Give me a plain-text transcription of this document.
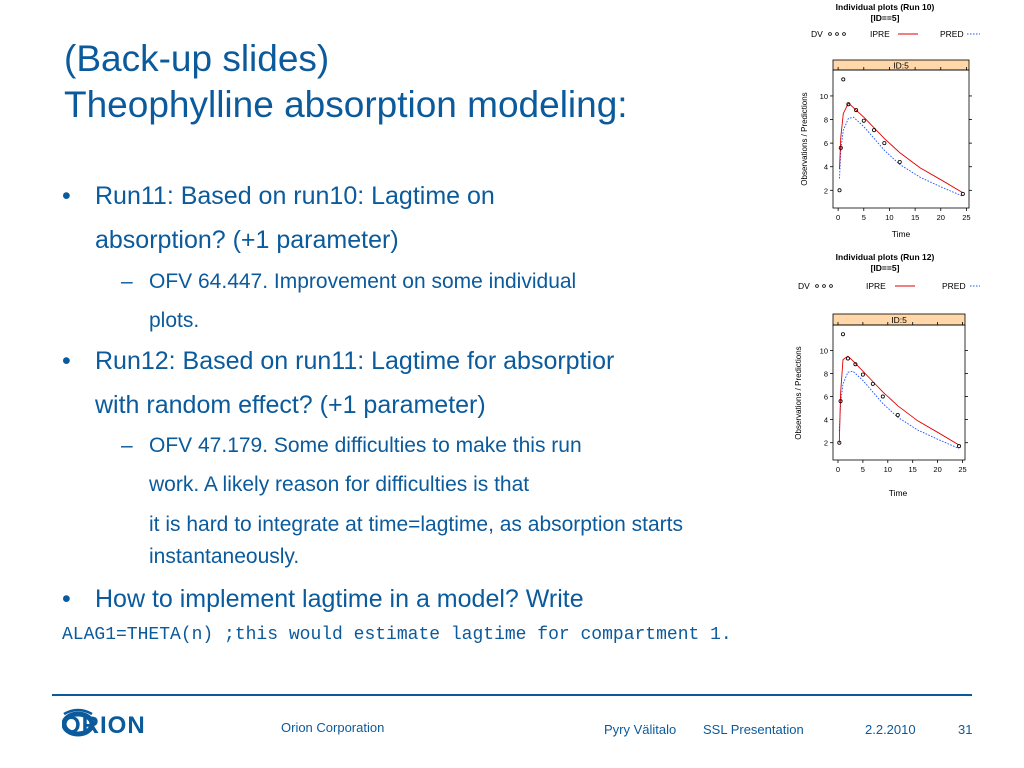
(Back-up slides)
Theophylline absorption modeling:
• Run11: Based on run10: Lagtime on
absorption? (+1 parameter)
– OFV 64.447. Improvement on some individual
plots.
• Run12: Based on run11: Lagtime for absorptior
with random effect? (+1 parameter)
– OFV 47.179. Some difficulties to make this run
work. A likely reason for difficulties is that
it is hard to integrate at time=lagtime, as absorption starts
instantaneously.
• How to implement lagtime in a model? Write
ALAG1=THETA(n) ;this would estimate lagtime for compartment 1.
Individual plots (Run 10)
[ID==5]
DV	IPRE	PRED
ID:5
2
4
6
8
10
0	5	10 15 20 25
Observations / Predictions
Time
Individual plots (Run 12)
[ID==5]
DV	IPRE	PRED
ID:5
2
4
6
8
10
0	5 10 15 20 25
Observations / Predictions
Time
ORION	Orion Corporation	Pyry Välitalo SSL Presentation	2.2.2010	31
